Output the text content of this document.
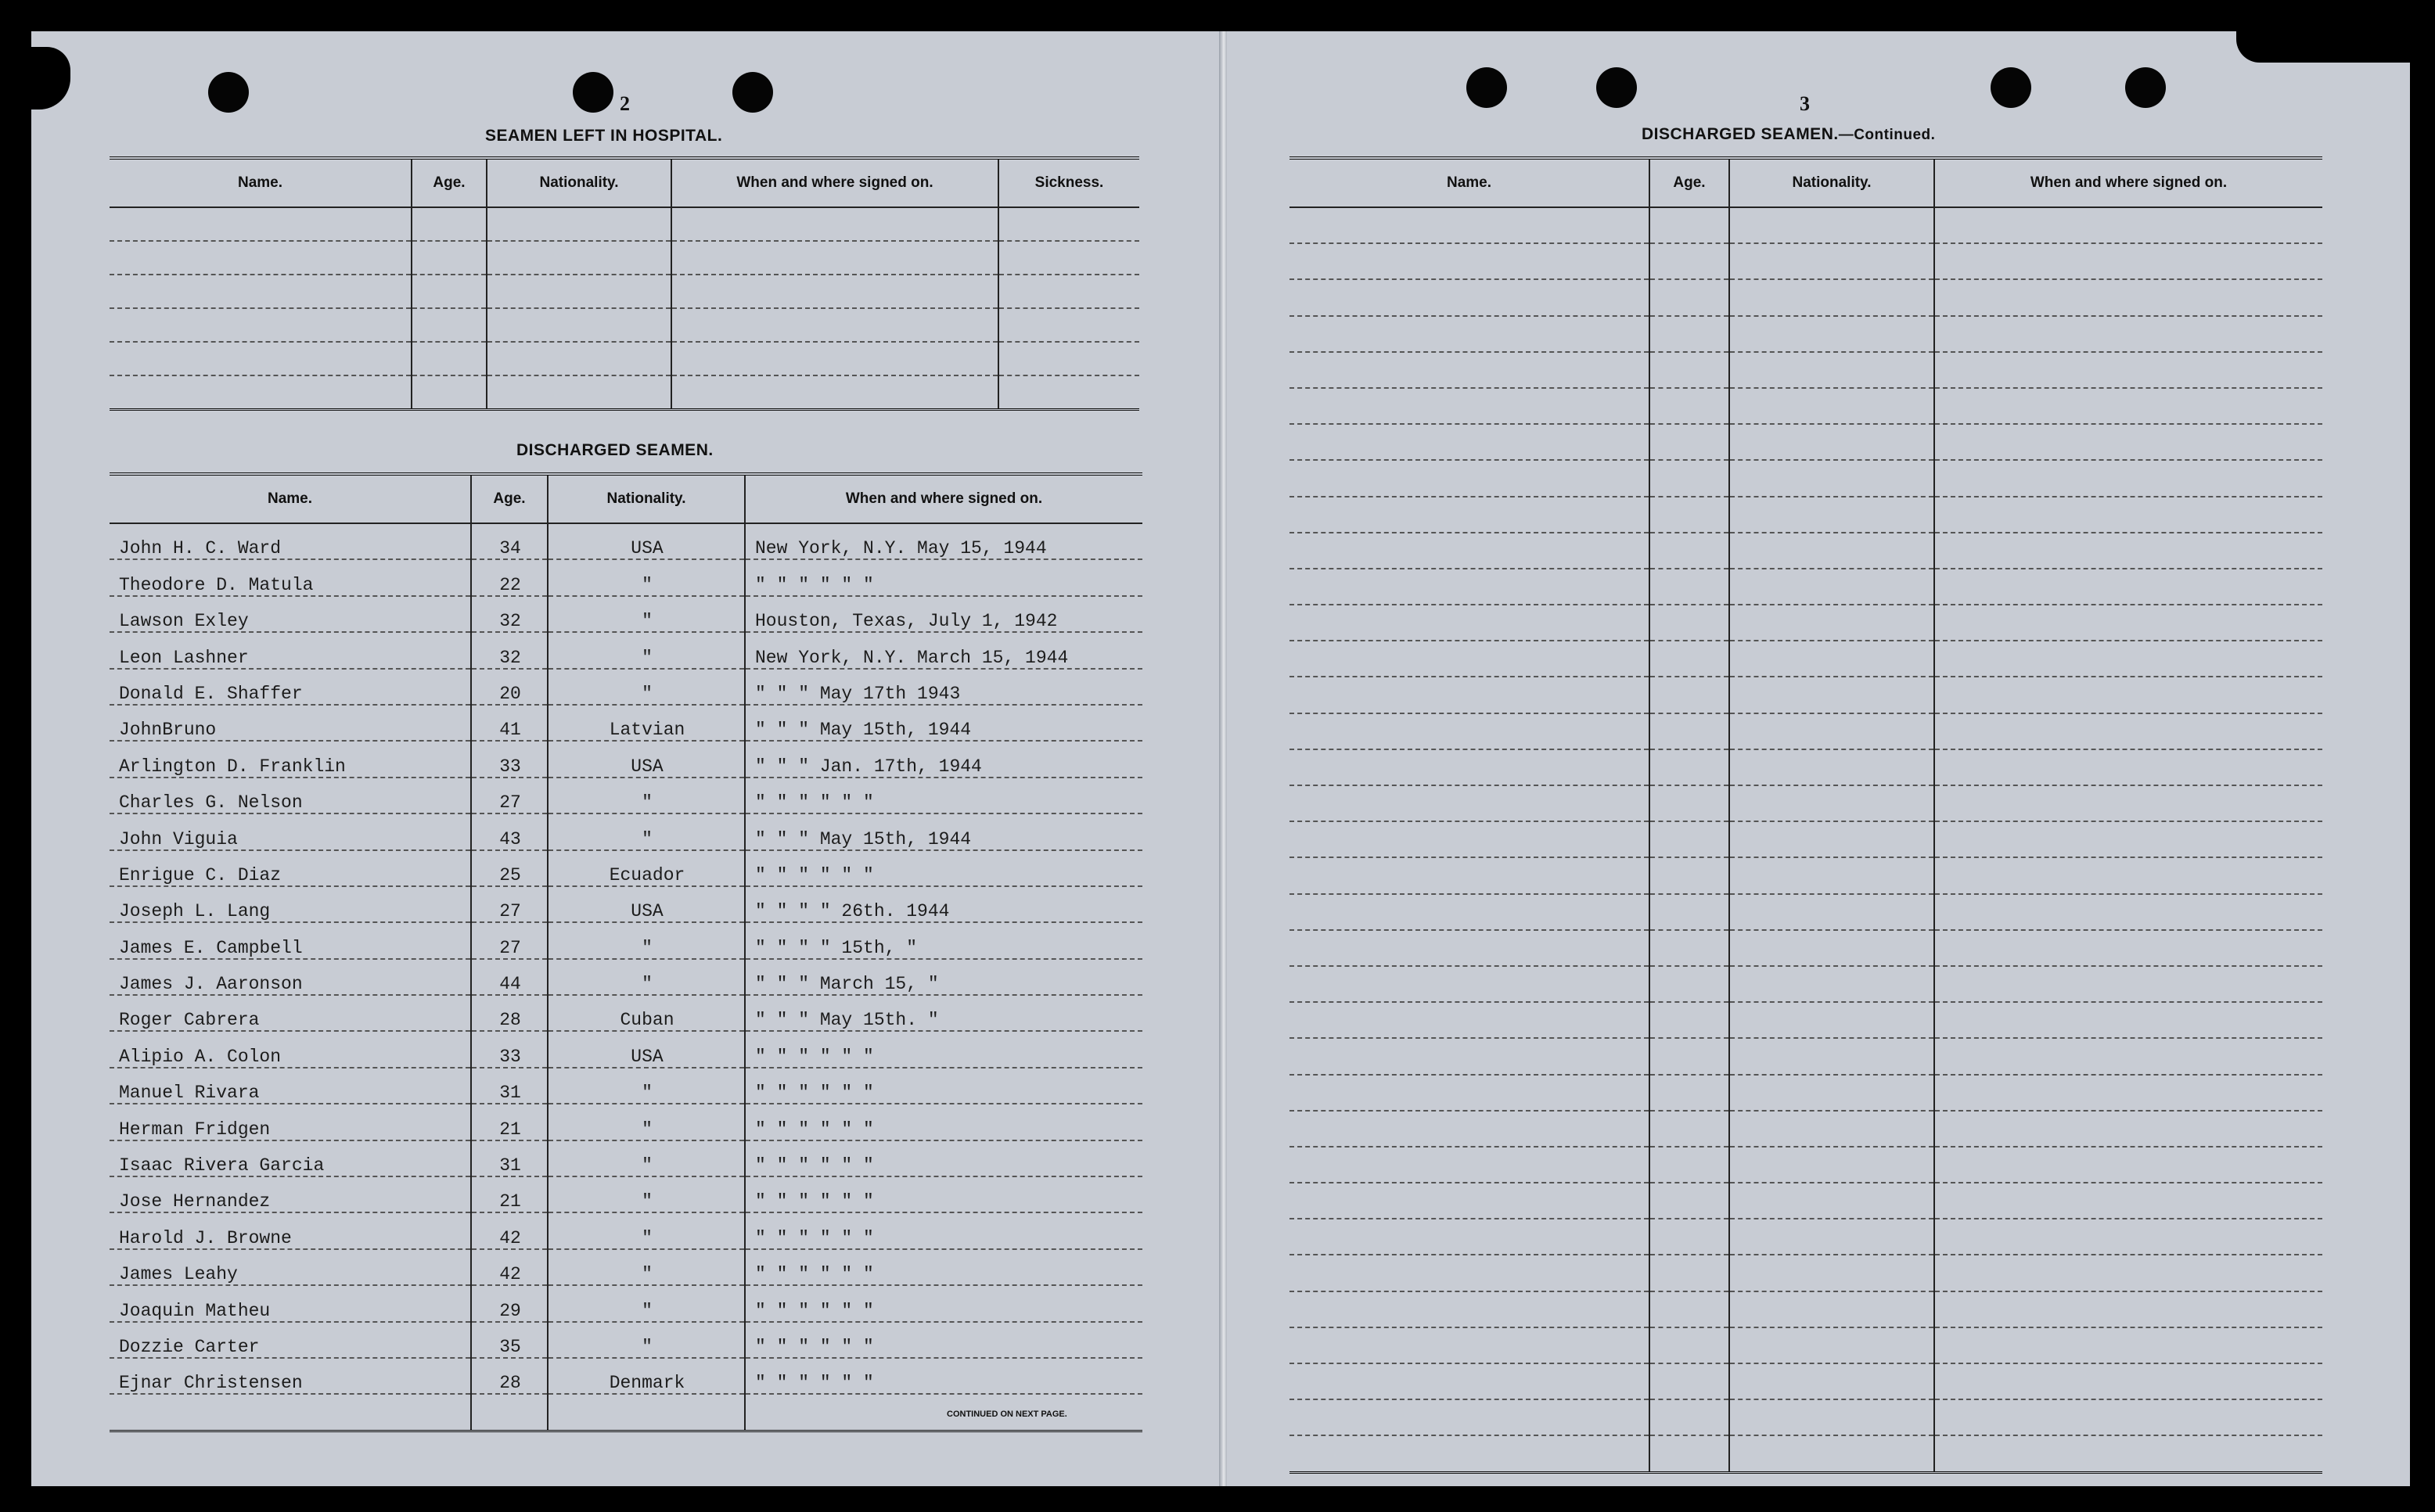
2
SEAMEN LEFT IN HOSPITAL.
Name.	Age.	Nationality.	When and where signed on.	Sickness.

DISCHARGED SEAMEN.
Name.	Age.	Nationality.	When and where signed on.
John H. C. Ward	34	USA	New York, N.Y. May 15, 1944
Theodore D. Matula	22	"	" " " " " "
Lawson Exley	32	"	Houston, Texas, July 1, 1942
Leon Lashner	32	"	New York, N.Y. March 15, 1944
Donald E. Shaffer	20	"	" " " May 17th 1943
JohnBruno	41	Latvian	" " " May 15th, 1944
Arlington D. Franklin	33	USA	" " " Jan. 17th, 1944
Charles G. Nelson	27	"	" " " " " "
John Viguia	43	"	" " " May 15th, 1944
Enrigue C. Diaz	25	Ecuador	" " " " " "
Joseph L. Lang	27	USA	" " " " 26th. 1944
James E. Campbell	27	"	" " " " 15th, "
James J. Aaronson	44	"	" " " March 15, "
Roger Cabrera	28	Cuban	" " " May 15th. "
Alipio A. Colon	33	USA	" " " " " "
Manuel Rivara	31	"	" " " " " "
Herman Fridgen	21	"	" " " " " "
Isaac Rivera Garcia	31	"	" " " " " "
Jose Hernandez	21	"	" " " " " "
Harold J. Browne	42	"	" " " " " "
James Leahy	42	"	" " " " " "
Joaquin Matheu	29	"	" " " " " "
Dozzie Carter	35	"	" " " " " "
Ejnar Christensen	28	Denmark	" " " " " "

CONTINUED ON NEXT PAGE.
3
DISCHARGED SEAMEN.—Continued.
Name.	Age.	Nationality.	When and where signed on.
